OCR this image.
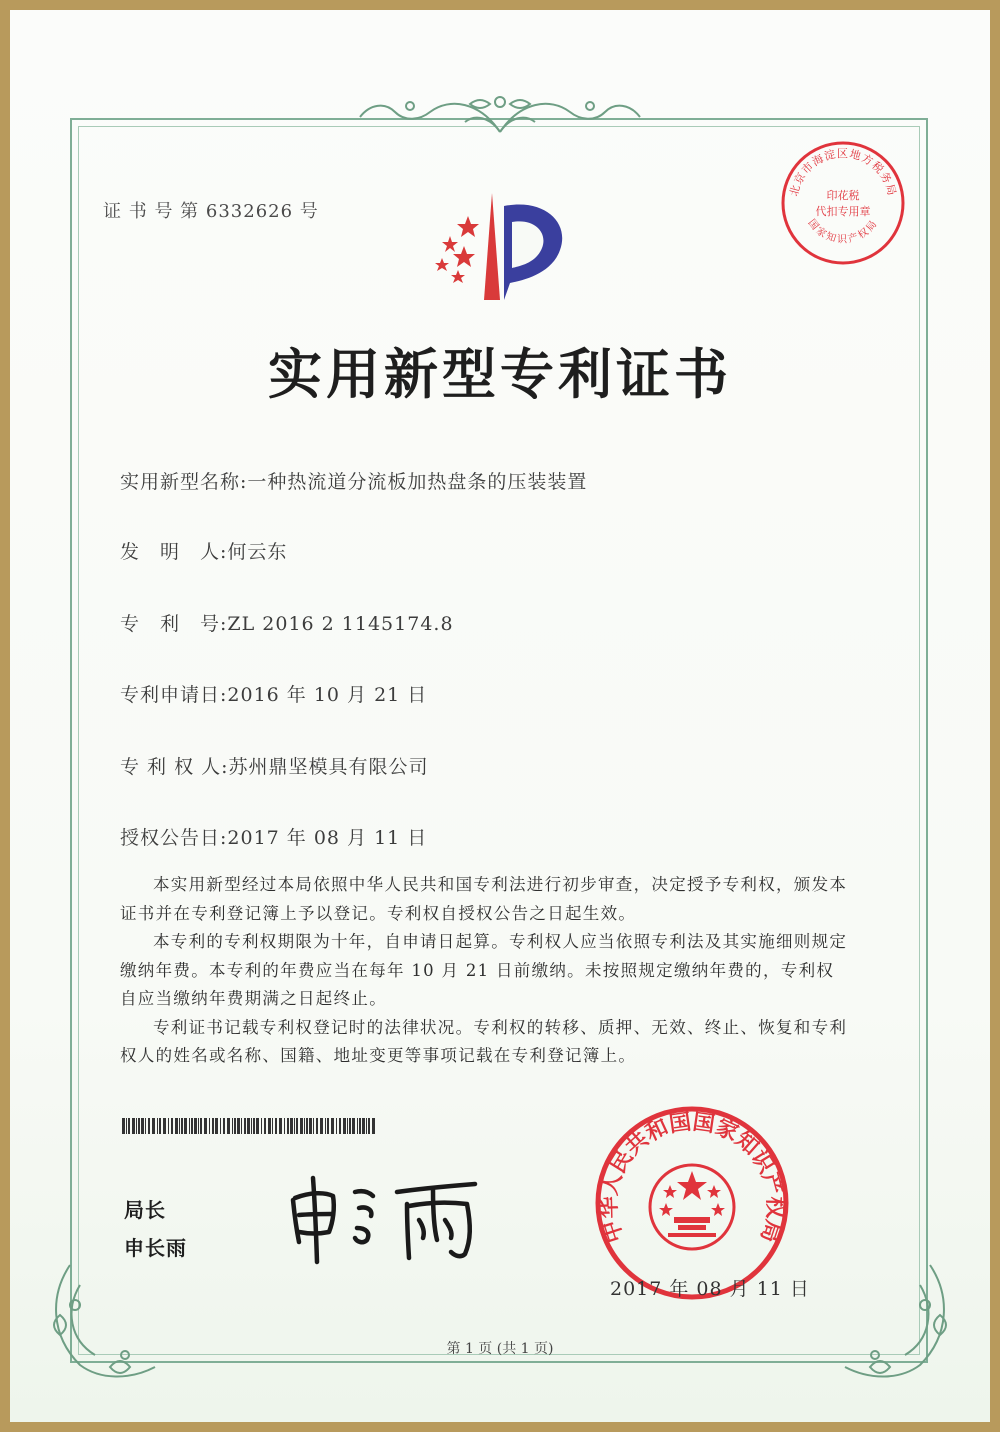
证 书 号 第 6332626 号
北京市海淀区地方税务局
印花税
代扣专用章
国家知识产权局
实用新型专利证书
实用新型名称:一种热流道分流板加热盘条的压装装置
发　明　人:何云东
专　利　号:ZL 2016 2 1145174.8
专利申请日:2016 年 10 月 21 日
专 利 权 人:苏州鼎坚模具有限公司
授权公告日:2017 年 08 月 11 日

本实用新型经过本局依照中华人民共和国专利法进行初步审查，决定授予专利权，颁发本证书并在专利登记簿上予以登记。专利权自授权公告之日起生效。

本专利的专利权期限为十年，自申请日起算。专利权人应当依照专利法及其实施细则规定缴纳年费。本专利的年费应当在每年 10 月 21 日前缴纳。未按照规定缴纳年费的，专利权自应当缴纳年费期满之日起终止。

专利证书记载专利权登记时的法律状况。专利权的转移、质押、无效、终止、恢复和专利权人的姓名或名称、国籍、地址变更等事项记载在专利登记簿上。

局长
申长雨
中华人民共和国国家知识产权局
2017 年 08 月 11 日
第 1 页 (共 1 页)
